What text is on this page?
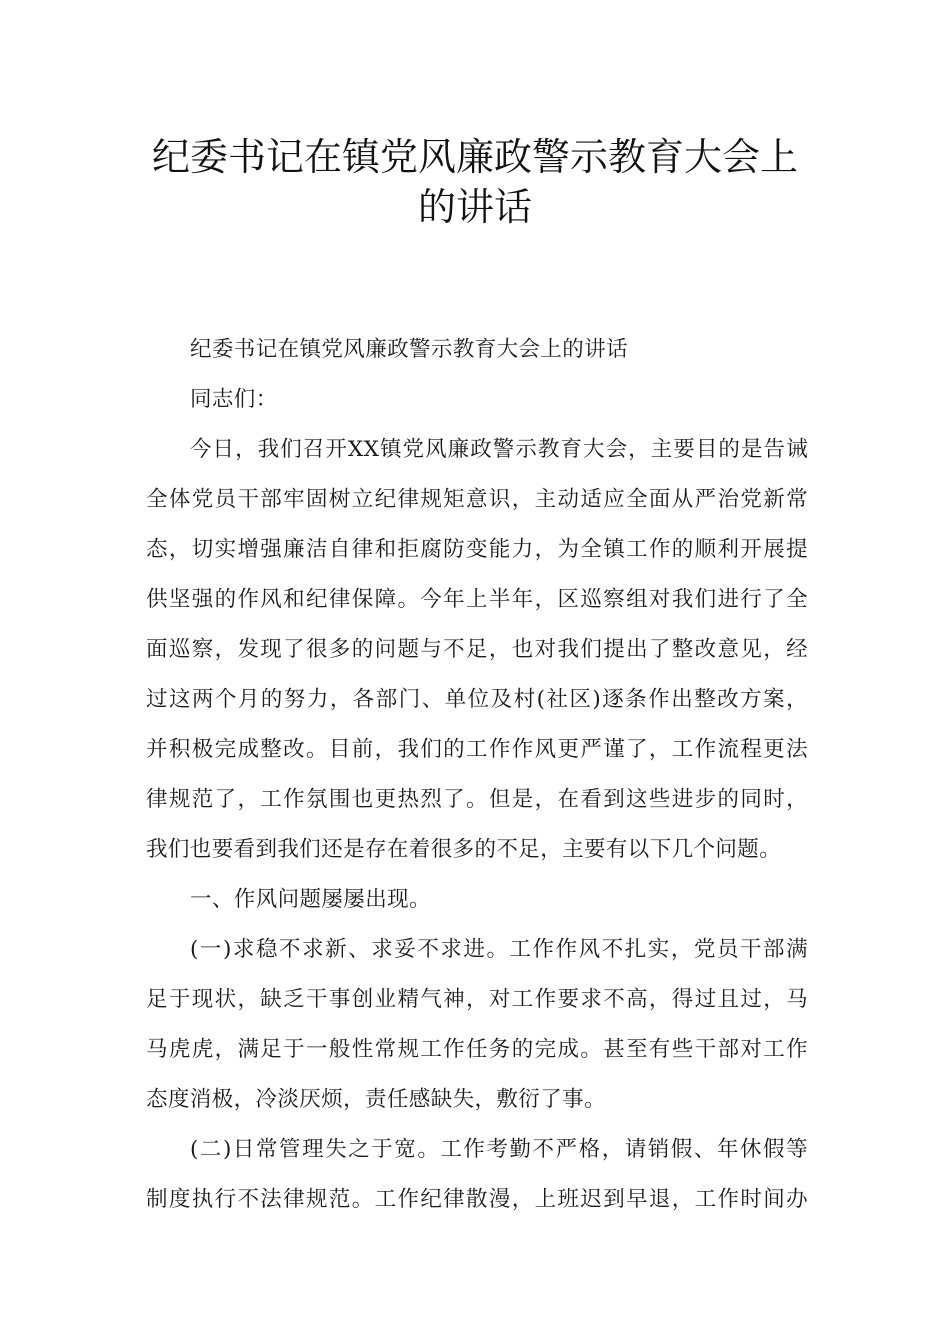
纪委书记在镇党风廉政警示教育大会上
的讲话
纪委书记在镇党风廉政警示教育大会上的讲话
同志们：
今日，我们召开XX镇党风廉政警示教育大会，主要目的是告诫
全体党员干部牢固树立纪律规矩意识，主动适应全面从严治党新常
态，切实增强廉洁自律和拒腐防变能力，为全镇工作的顺利开展提
供坚强的作风和纪律保障。今年上半年，区巡察组对我们进行了全
面巡察，发现了很多的问题与不足，也对我们提出了整改意见，经
过这两个月的努力，各部门、单位及村(社区)逐条作出整改方案，
并积极完成整改。目前，我们的工作作风更严谨了，工作流程更法
律规范了，工作氛围也更热烈了。但是，在看到这些进步的同时，
我们也要看到我们还是存在着很多的不足，主要有以下几个问题。
一、作风问题屡屡出现。
(一)求稳不求新、求妥不求进。工作作风不扎实，党员干部满
足于现状，缺乏干事创业精气神，对工作要求不高，得过且过，马
马虎虎，满足于一般性常规工作任务的完成。甚至有些干部对工作
态度消极，冷淡厌烦，责任感缺失，敷衍了事。
(二)日常管理失之于宽。工作考勤不严格，请销假、年休假等
制度执行不法律规范。工作纪律散漫，上班迟到早退，工作时间办
